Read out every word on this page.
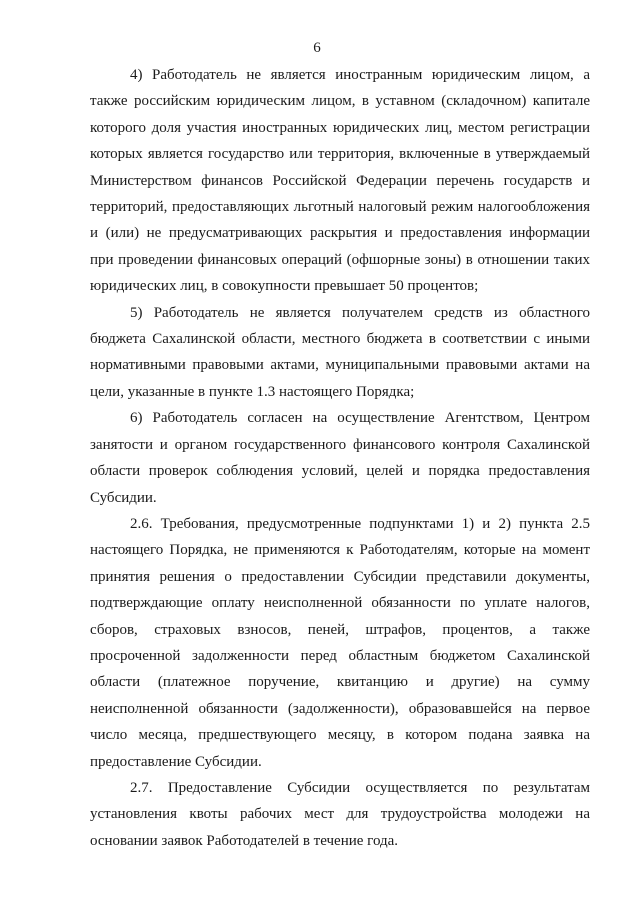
6

4) Работодатель не является иностранным юридическим лицом, а также российским юридическим лицом, в уставном (складочном) капитале которого доля участия иностранных юридических лиц, местом регистрации которых является государство или территория, включенные в утверждаемый Министерством финансов Российской Федерации перечень государств и территорий, предоставляющих льготный налоговый режим налогообложения и (или) не предусматривающих раскрытия и предоставления информации при проведении финансовых операций (офшорные зоны) в отношении таких юридических лиц, в совокупности превышает 50 процентов;

5) Работодатель не является получателем средств из областного бюджета Сахалинской области, местного бюджета в соответствии с иными нормативными правовыми актами, муниципальными правовыми актами на цели, указанные в пункте 1.3 настоящего Порядка;

6) Работодатель согласен на осуществление Агентством, Центром занятости и органом государственного финансового контроля Сахалинской области проверок соблюдения условий, целей и порядка предоставления Субсидии.

2.6. Требования, предусмотренные подпунктами 1) и 2) пункта 2.5 настоящего Порядка, не применяются к Работодателям, которые на момент принятия решения о предоставлении Субсидии представили документы, подтверждающие оплату неисполненной обязанности по уплате налогов, сборов, страховых взносов, пеней, штрафов, процентов, а также просроченной задолженности перед областным бюджетом Сахалинской области (платежное поручение, квитанцию и другие) на сумму неисполненной обязанности (задолженности), образовавшейся на первое число месяца, предшествующего месяцу, в котором подана заявка на предоставление Субсидии.

2.7. Предоставление Субсидии осуществляется по результатам установления квоты рабочих мест для трудоустройства молодежи на основании заявок Работодателей в течение года.
